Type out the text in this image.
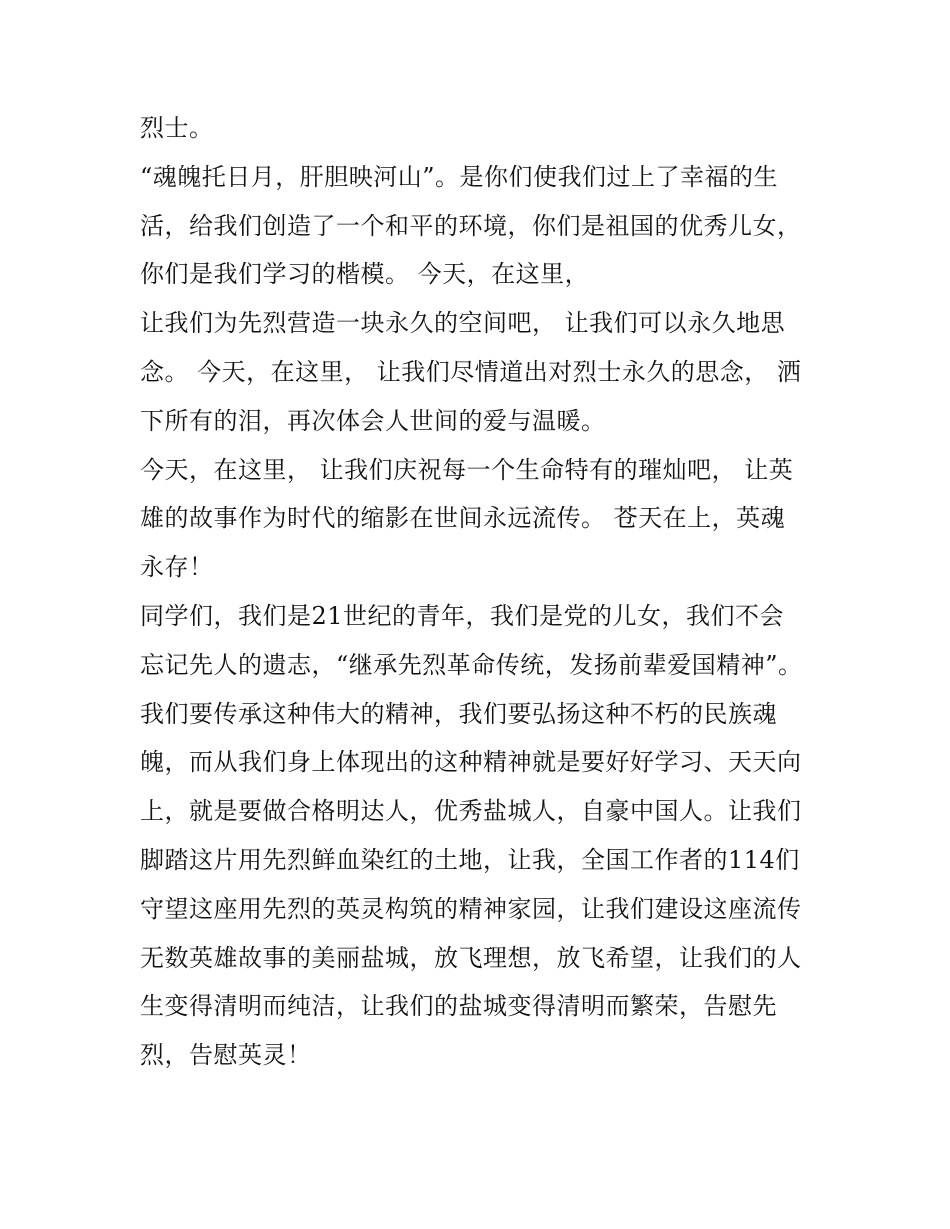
烈士。
“魂魄托日月，肝胆映河山”。是你们使我们过上了幸福的生
活，给我们创造了一个和平的环境，你们是祖国的优秀儿女，
你们是我们学习的楷模。 今天，在这里，
让我们为先烈营造一块永久的空间吧， 让我们可以永久地思
念。 今天，在这里， 让我们尽情道出对烈士永久的思念， 洒
下所有的泪，再次体会人世间的爱与温暖。
今天，在这里， 让我们庆祝每一个生命特有的璀灿吧， 让英
雄的故事作为时代的缩影在世间永远流传。 苍天在上，英魂
永存！
同学们，我们是21世纪的青年，我们是党的儿女，我们不会
忘记先人的遗志，“继承先烈革命传统，发扬前辈爱国精神”。
我们要传承这种伟大的精神，我们要弘扬这种不朽的民族魂
魄，而从我们身上体现出的这种精神就是要好好学习、天天向
上，就是要做合格明达人，优秀盐城人，自豪中国人。让我们
脚踏这片用先烈鲜血染红的土地，让我，全国工作者的114们
守望这座用先烈的英灵构筑的精神家园，让我们建设这座流传
无数英雄故事的美丽盐城，放飞理想，放飞希望，让我们的人
生变得清明而纯洁，让我们的盐城变得清明而繁荣，告慰先
烈，告慰英灵！
